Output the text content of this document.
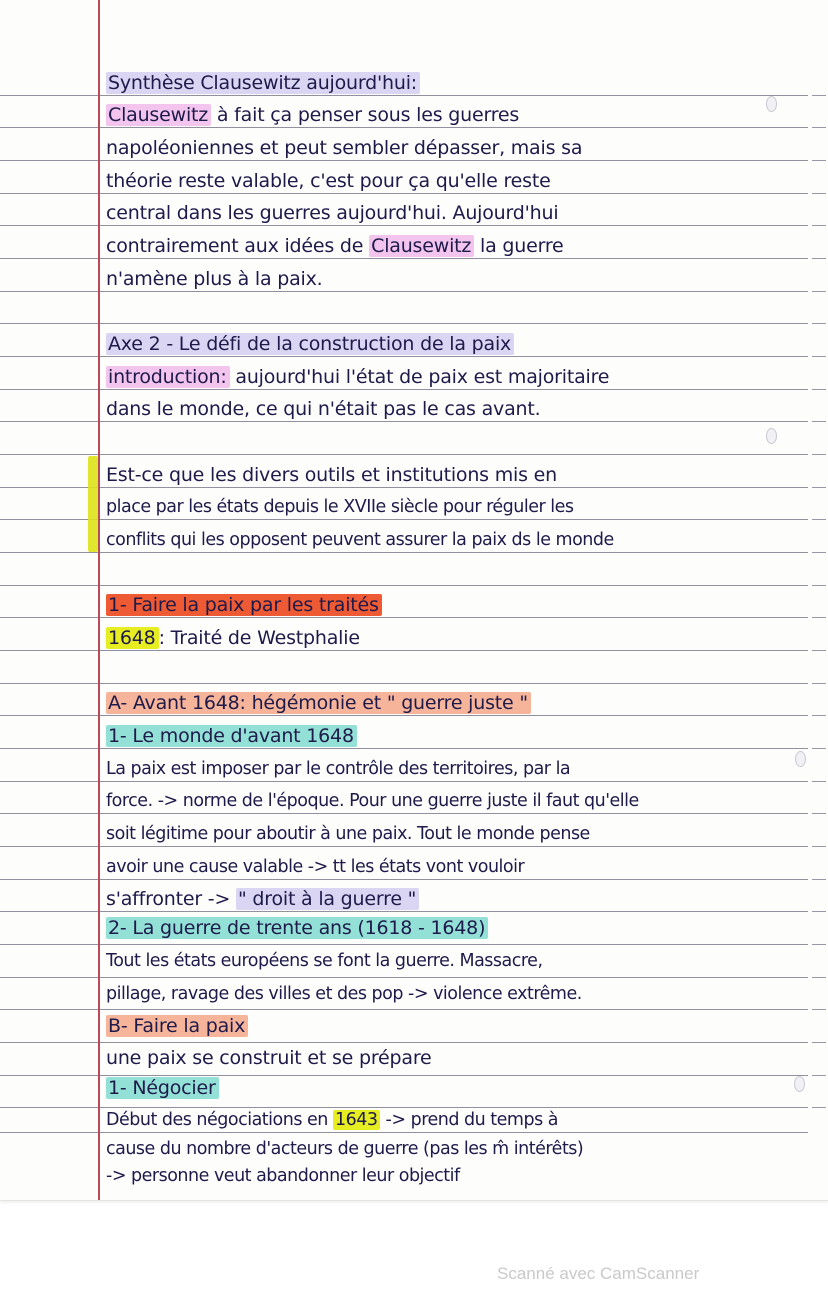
Synthèse Clausewitz aujourd'hui:
Clausewitz à fait ça penser sous les guerres
napoléoniennes et peut sembler dépasser, mais sa
théorie reste valable, c'est pour ça qu'elle reste
central dans les guerres aujourd'hui. Aujourd'hui
contrairement aux idées de Clausewitz la guerre
n'amène plus à la paix.
Axe 2 - Le défi de la construction de la paix
introduction: aujourd'hui l'état de paix est majoritaire
dans le monde, ce qui n'était pas le cas avant.
Est-ce que les divers outils et institutions mis en
place par les états depuis le XVIIe siècle pour réguler les
conflits qui les opposent peuvent assurer la paix ds le monde
1- Faire la paix par les traités
1648 : Traité de Westphalie
A- Avant 1648: hégémonie et " guerre juste "
1- Le monde d'avant 1648
La paix est imposer par le contrôle des territoires, par la
force. -> norme de l'époque. Pour une guerre juste il faut qu'elle
soit légitime pour aboutir à une paix. Tout le monde pense
avoir une cause valable -> tt les états vont vouloir
s'affronter -> " droit à la guerre "
2- La guerre de trente ans (1618 - 1648)
Tout les états européens se font la guerre. Massacre,
pillage, ravage des villes et des pop -> violence extrême.
B- Faire la paix
une paix se construit et se prépare
1- Négocier
Début des négociations en 1643 -> prend du temps à
cause du nombre d'acteurs de guerre (pas les m̂ intérêts)
-> personne veut abandonner leur objectif
Scanné avec CamScanner
